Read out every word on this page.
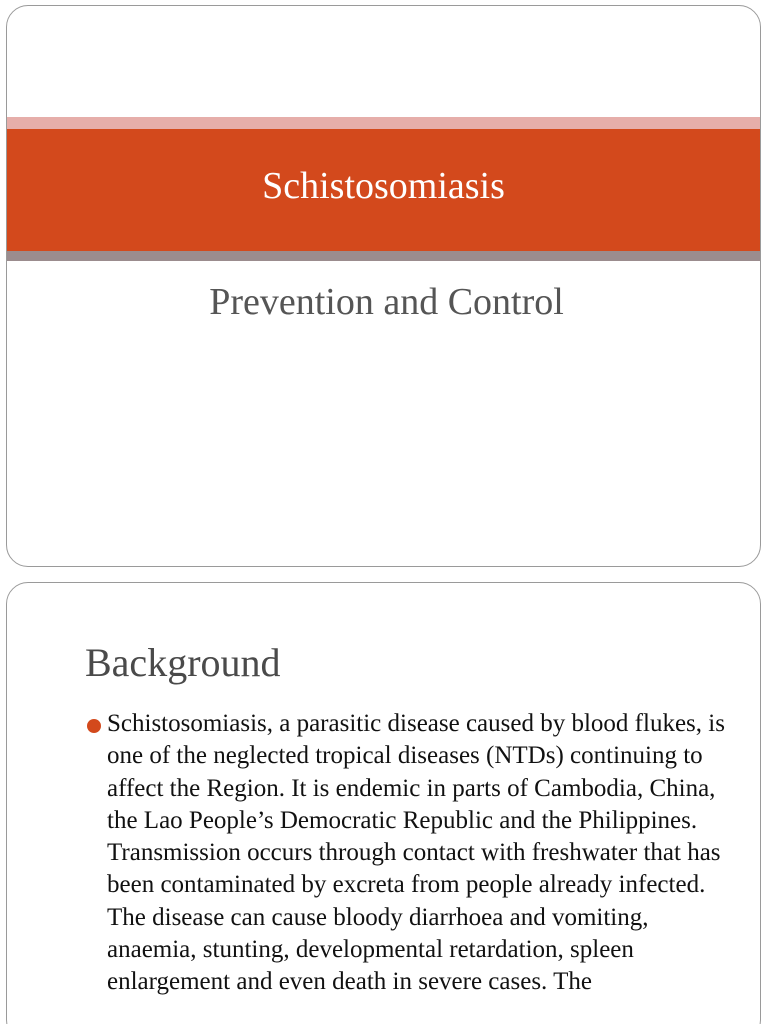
Schistosomiasis
Prevention and Control
Background
Schistosomiasis, a parasitic disease caused by blood flukes, is one of the neglected tropical diseases (NTDs) continuing to affect the Region. It is endemic in parts of Cambodia, China, the Lao People’s Democratic Republic and the Philippines. Transmission occurs through contact with freshwater that has been contaminated by excreta from people already infected. The disease can cause bloody diarrhoea and vomiting, anaemia, stunting, developmental retardation, spleen enlargement and even death in severe cases. The
